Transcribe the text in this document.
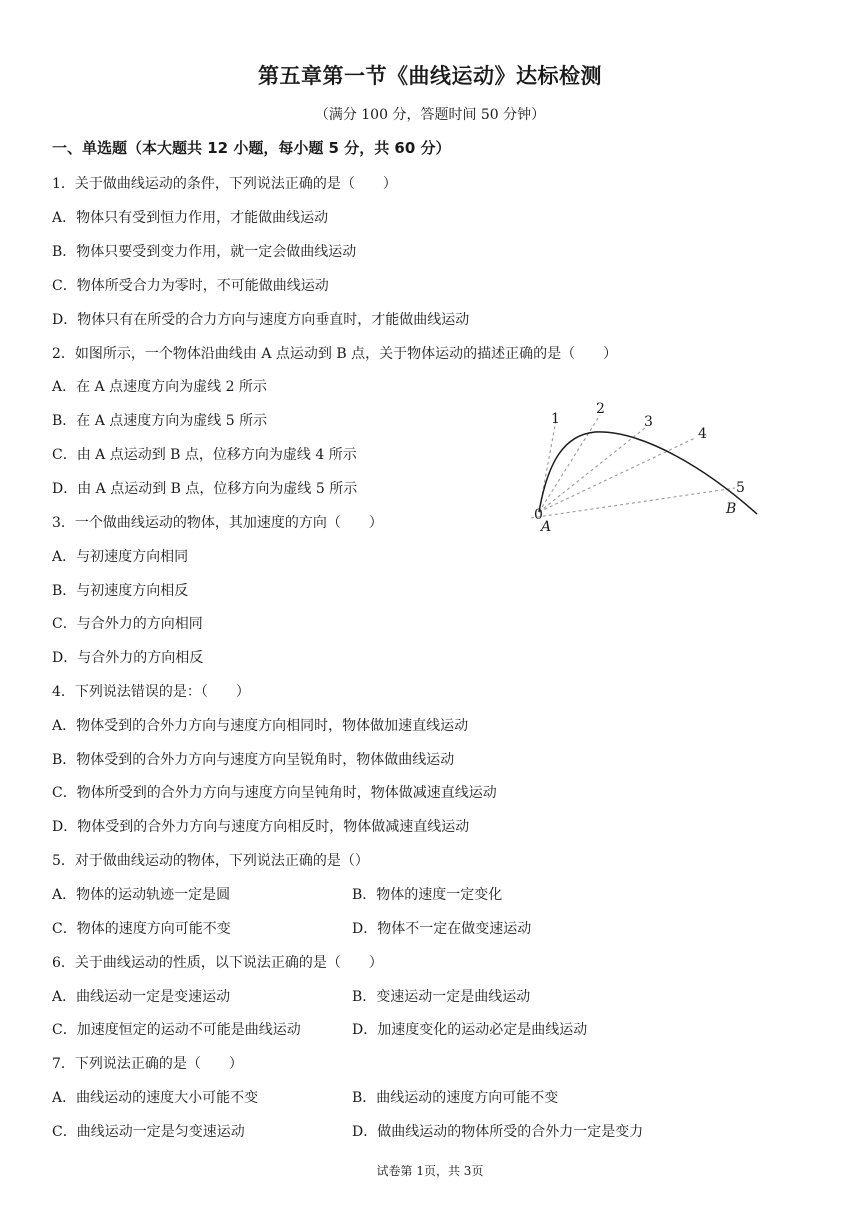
第五章第一节《曲线运动》达标检测
（满分 100 分，答题时间 50 分钟）
一、单选题（本大题共 12 小题，每小题 5 分，共 60 分）
1．关于做曲线运动的条件，下列说法正确的是（　　）
A．物体只有受到恒力作用，才能做曲线运动
B．物体只要受到变力作用，就一定会做曲线运动
C．物体所受合力为零时，不可能做曲线运动
D．物体只有在所受的合力方向与速度方向垂直时，才能做曲线运动
2．如图所示，一个物体沿曲线由 A 点运动到 B 点，关于物体运动的描述正确的是（　　）
A．在 A 点速度方向为虚线 2 所示
B．在 A 点速度方向为虚线 5 所示
C．由 A 点运动到 B 点，位移方向为虚线 4 所示
D．由 A 点运动到 B 点，位移方向为虚线 5 所示
1
2
3
4
5
0
A
B
3．一个做曲线运动的物体，其加速度的方向（　　）
A．与初速度方向相同
B．与初速度方向相反
C．与合外力的方向相同
D．与合外力的方向相反
4．下列说法错误的是：（　　）
A．物体受到的合外力方向与速度方向相同时，物体做加速直线运动
B．物体受到的合外力方向与速度方向呈锐角时，物体做曲线运动
C．物体所受到的合外力方向与速度方向呈钝角时，物体做减速直线运动
D．物体受到的合外力方向与速度方向相反时，物体做减速直线运动
5．对于做曲线运动的物体，下列说法正确的是（）
A．物体的运动轨迹一定是圆	B．物体的速度一定变化
C．物体的速度方向可能不变	D．物体不一定在做变速运动
6．关于曲线运动的性质，以下说法正确的是（　　）
A．曲线运动一定是变速运动	B．变速运动一定是曲线运动
C．加速度恒定的运动不可能是曲线运动	D．加速度变化的运动必定是曲线运动
7．下列说法正确的是（　　）
A．曲线运动的速度大小可能不变	B．曲线运动的速度方向可能不变
C．曲线运动一定是匀变速运动	D．做曲线运动的物体所受的合外力一定是变力
试卷第 1页，共 3页
